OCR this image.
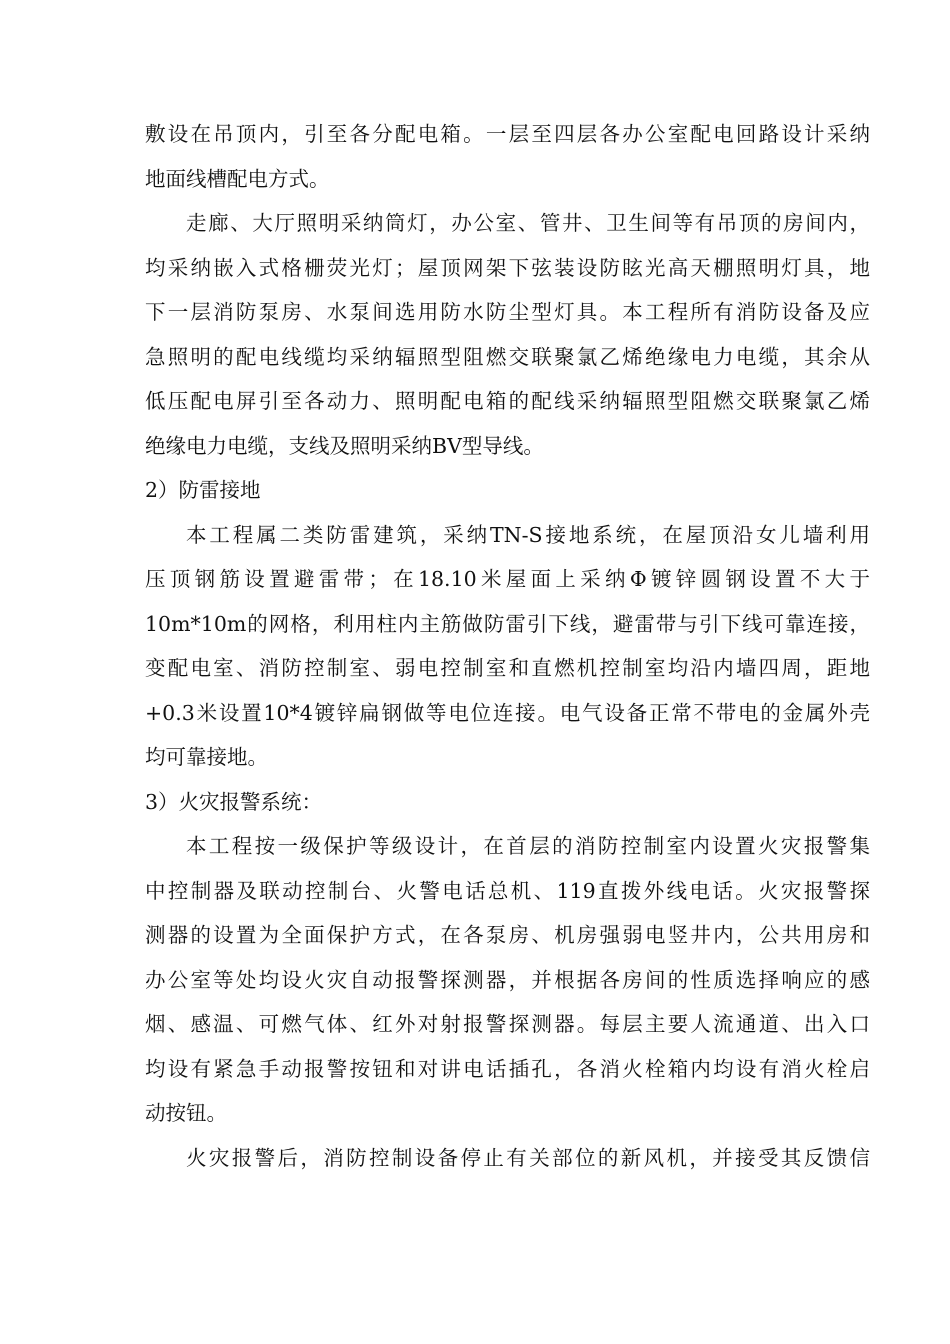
敷设在吊顶内，引至各分配电箱。一层至四层各办公室配电回路设计采纳
地面线槽配电方式。
走廊、大厅照明采纳筒灯，办公室、管井、卫生间等有吊顶的房间内，
均采纳嵌入式格栅荧光灯；屋顶网架下弦装设防眩光高天棚照明灯具，地
下一层消防泵房、水泵间选用防水防尘型灯具。本工程所有消防设备及应
急照明的配电线缆均采纳辐照型阻燃交联聚氯乙烯绝缘电力电缆，其余从
低压配电屏引至各动力、照明配电箱的配线采纳辐照型阻燃交联聚氯乙烯
绝缘电力电缆，支线及照明采纳BV型导线。
2）防雷接地
本工程属二类防雷建筑，采纳TN-S接地系统，在屋顶沿女儿墙利用
压顶钢筋设置避雷带；在18.10米屋面上采纳Φ镀锌圆钢设置不大于
10m*10m的网格，利用柱内主筋做防雷引下线，避雷带与引下线可靠连接，
变配电室、消防控制室、弱电控制室和直燃机控制室均沿内墙四周，距地
+0.3米设置10*4镀锌扁钢做等电位连接。电气设备正常不带电的金属外壳
均可靠接地。
3）火灾报警系统：
本工程按一级保护等级设计，在首层的消防控制室内设置火灾报警集
中控制器及联动控制台、火警电话总机、119直拨外线电话。火灾报警探
测器的设置为全面保护方式，在各泵房、机房强弱电竖井内，公共用房和
办公室等处均设火灾自动报警探测器，并根据各房间的性质选择响应的感
烟、感温、可燃气体、红外对射报警探测器。每层主要人流通道、出入口
均设有紧急手动报警按钮和对讲电话插孔，各消火栓箱内均设有消火栓启
动按钮。
火灾报警后，消防控制设备停止有关部位的新风机，并接受其反馈信
